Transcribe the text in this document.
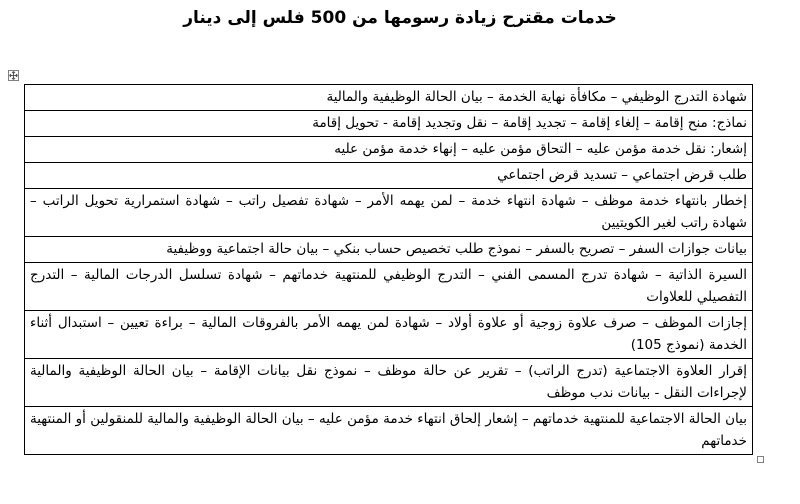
خدمات مقترح زيادة رسومها من 500 فلس إلى دينار
شهادة التدرج الوظيفي – مكافأة نهاية الخدمة – بيان الحالة الوظيفية والمالية
نماذج: منح إقامة – إلغاء إقامة – تجديد إقامة – نقل وتجديد إقامة - تحويل إقامة
إشعار: نقل خدمة مؤمن عليه – التحاق مؤمن عليه – إنهاء خدمة مؤمن عليه
طلب قرض اجتماعي – تسديد قرض اجتماعي
إخطار بانتهاء خدمة موظف – شهادة انتهاء خدمة – لمن يهمه الأمر – شهادة تفصيل راتب – شهادة استمرارية تحويل الراتب – شهادة راتب لغير الكويتيين
بيانات جوازات السفر – تصريح بالسفر – نموذج طلب تخصيص حساب بنكي – بيان حالة اجتماعية ووظيفية
السيرة الذاتية – شهادة تدرج المسمى الفني – التدرج الوظيفي للمنتهية خدماتهم – شهادة تسلسل الدرجات المالية – التدرج التفصيلي للعلاوات
إجازات الموظف – صرف علاوة زوجية أو علاوة أولاد – شهادة لمن يهمه الأمر بالفروقات المالية – براءة تعيين – استبدال أثناء الخدمة (نموذج 105)
إقرار العلاوة الاجتماعية (تدرج الراتب) – تقرير عن حالة موظف – نموذج نقل بيانات الإقامة – بيان الحالة الوظيفية والمالية لإجراءات النقل - بيانات ندب موظف
بيان الحالة الاجتماعية للمنتهية خدماتهم – إشعار إلحاق انتهاء خدمة مؤمن عليه – بيان الحالة الوظيفية والمالية للمنقولين أو المنتهية خدماتهم
